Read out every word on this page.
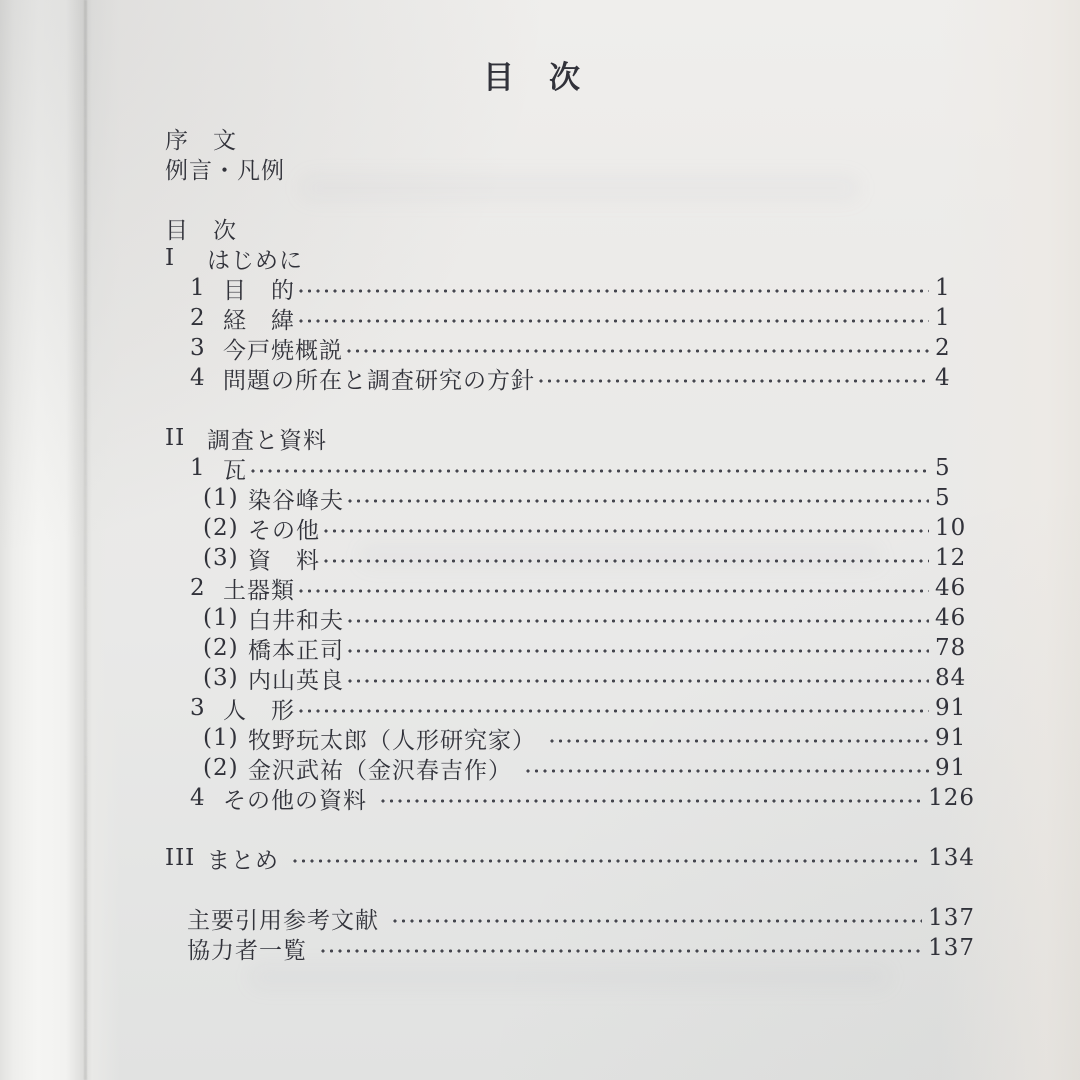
目　次
序　文
例言・凡例
目　次
I	はじめに
1 目　的	1
2 経　緯	1
3 今戸焼概説	2
4 問題の所在と調査研究の方針	4
II 調査と資料
1 瓦	5
(1) 染谷峰夫	5
(2) その他	10
(3) 資　料	12
2 土器類	46
(1) 白井和夫	46
(2) 橋本正司	78
(3) 内山英良	84
3 人　形	91
(1) 牧野玩太郎（人形研究家）	91
(2) 金沢武祐（金沢春吉作）	91
4 その他の資料	126
III まとめ	134
主要引用参考文献	137
協力者一覧	137
